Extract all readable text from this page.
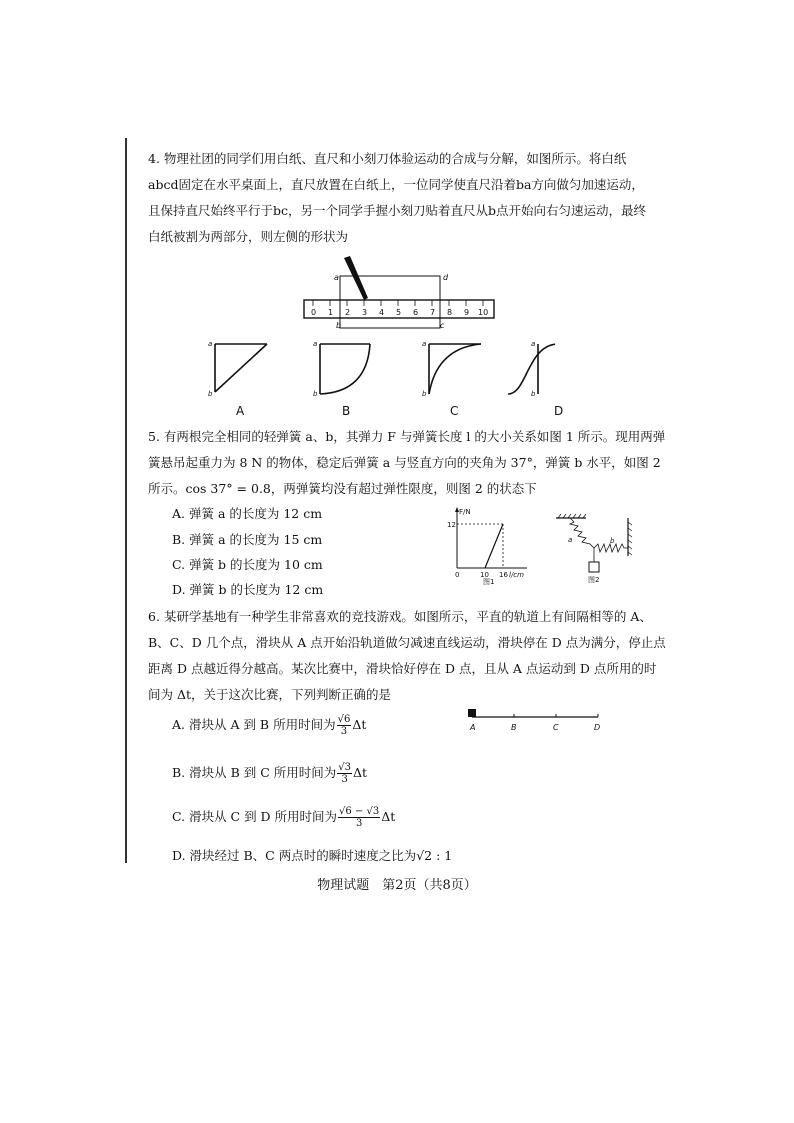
4. 物理社团的同学们用白纸、直尺和小刻刀体验运动的合成与分解，如图所示。将白纸abcd固定在水平桌面上，直尺放置在白纸上，一位同学使直尺沿着ba方向做匀加速运动，且保持直尺始终平行于bc，另一个同学手握小刻刀贴着直尺从b点开始向右匀速运动，最终白纸被割为两部分，则左侧的形状为

0 1 2 3 4 5 6 7 8 9 10
a	d
b	c
a
b
a
b
a
b
a
b
A	B	C	D

5. 有两根完全相同的轻弹簧 a、b，其弹力 F 与弹簧长度 l 的大小关系如图 1 所示。现用两弹

簧悬吊起重力为 8 N 的物体，稳定后弹簧 a 与竖直方向的夹角为 37°，弹簧 b 水平，如图 2

所示。cos 37° = 0.8，两弹簧均没有超过弹性限度，则图 2 的状态下

A. 弹簧 a 的长度为 12 cm
B. 弹簧 a 的长度为 15 cm
C. 弹簧 b 的长度为 10 cm
D. 弹簧 b 的长度为 12 cm
F/N
12
0	10 16 l/cm
图1
a	b
图2

6. 某研学基地有一种学生非常喜欢的竞技游戏。如图所示，平直的轨道上有间隔相等的 A、

B、C、D 几个点，滑块从 A 点开始沿轨道做匀减速直线运动，滑块停在 D 点为满分，停止点

距离 D 点越近得分越高。某次比赛中，滑块恰好停在 D 点，且从 A 点运动到 D 点所用的时

间为 Δt，关于这次比赛，下列判断正确的是

A	B	C	D
A. 滑块从 A 到 B 所用时间为 $\frac{√6}{3}$ Δt
B. 滑块从 B 到 C 所用时间为 $\frac{√3}{3}$ Δt
C. 滑块从 C 到 D 所用时间为 $\frac{√6 - √3}{3}$ Δt
D. 滑块经过 B、C 两点时的瞬时速度之比为√2 : 1
物理试题　第2页（共8页）
